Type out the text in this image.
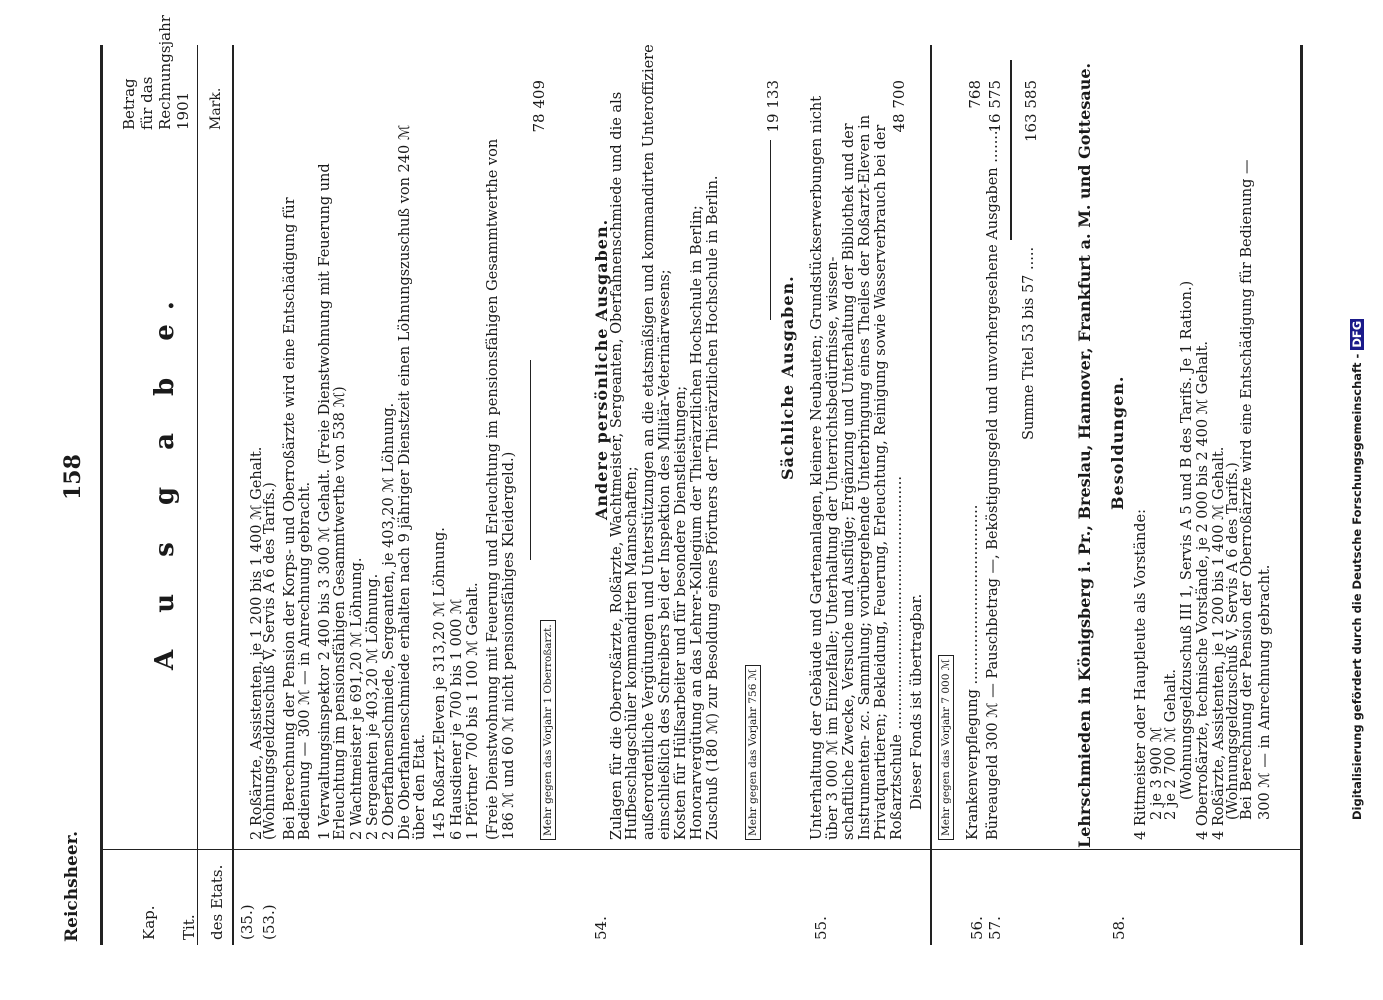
Reichsheer.
158 A u s g a b e.
Kap. Tit. des Etats.
Betrag für das Rechnungsjahr 1901 Mark.
(35.) (53.)
2 Roßärzte, Assistenten, je 1 200 bis 1 400 ℳ Gehalt.
(Wohnungsgeldzuschuß V, Servis A 6 des Tarifs.) Bei Berechnung der Pension der Korps- und Oberroßärzte wird eine Entschädigung für Bedienung — 300 ℳ — in Anrechnung gebracht. 1 Verwaltungsinspektor 2 400 bis 3 300 ℳ Gehalt. (Freie Dienstwohnung mit Feuerung und Erleuchtung im pensionsfähigen Gesammtwerthe von 538 ℳ) 2 Wachtmeister je 691,20 ℳ Löhnung. 2 Sergeanten je 403,20 ℳ Löhnung. 2 Oberfahnenschmiede, Sergeanten, je 403,20 ℳ Löhnung. Die Oberfahnenschmiede erhalten nach 9 jähriger Dienstzeit einen Löhnungszuschuß von 240 ℳ über den Etat. 145 Roßarzt-Eleven je 313,20 ℳ Löhnung. 6 Hausdiener je 700 bis 1 000 ℳ 1 Pförtner 700 bis 1 100 ℳ Gehalt. (Freie Dienstwohnung mit Feuerung und Erleuchtung im pensionsfähigen Gesammtwerthe von 186 ℳ und 60 ℳ nicht pensionsfähiges Kleidergeld.) Mehr gegen das Vorjahr 1 Oberroßarzt.
78 409
54.
Andere persönliche Ausgaben.
Zulagen für die Oberroßärzte, Roßärzte, Wachtmeister, Sergeanten, Oberfahnenschmiede und die als Hufbeschlagschüler kommandirten Mannschaften; außerordentliche Vergütungen und Unterstützungen an die etatsmäßigen und kommandirten Unteroffiziere einschließlich des Schreibers bei der Inspektion des Militär-Veterinärwesens; Kosten für Hülfsarbeiter und für besondere Dienstleistungen; Honorarvergütung an das Lehrer-Kollegium der Thierärztlichen Hochschule in Berlin; Zuschuß (180 ℳ) zur Besoldung eines Pförtners der Thierärztlichen Hochschule in Berlin. Mehr gegen das Vorjahr 756 ℳ
19 133
55.
Sächliche Ausgaben. Unterhaltung der Gebäude und Gartenanlagen, kleinere Neubauten; Grundstückserwerbungen nicht über 3 000 ℳ im Einzelfalle; Unterhaltung der Unterrichtsbedürfnisse, wissen- schaftliche Zwecke, Versuche und Ausflüge; Ergänzung und Unterhaltung der Bibliothek und der Instrumenten- zc. Sammlung; vorübergehende Unterbringung eines Theiles der Roßarzt-Eleven in Privatquartieren; Bekleidung, Feuerung, Erleuchtung, Reinigung sowie Wasserverbrauch bei der Roßarztschule ....................................................... Dieser Fonds ist übertragbar.
48 700
Mehr gegen das Vorjahr 7 000 ℳ
56.
Krankenverpflegung .......................................
768
57.
Büreaugeld 300 ℳ — Pauschbetrag —, Beköstigungsgeld und unvorhergesehene Ausgaben ........
16 575
Summe Titel 53 bis 57 .....
163 585
58.
Lehrschmieden in Königsberg i. Pr., Breslau, Hannover, Frankfurt a. M. und Gottesaue. Besoldungen.
4 Rittmeister oder Hauptleute als Vorstände: 2 je 3 900 ℳ
2 je 2 700 ℳ Gehalt. (Wohnungsgeldzuschuß III 1, Servis A 5 und B des Tarifs. Je 1 Ration.) 4 Oberroßärzte, technische Vorstände, je 2 000 bis 2 400 ℳ Gehalt. 4 Roßärzte, Assistenten, je 1 200 bis 1 400 ℳ Gehalt.
(Wohnungsgeldzuschuß V, Servis A 6 des Tarifs.)
Bei Berechnung der Pension der Oberroßärzte wird eine Entschädigung für Bedienung — 300 ℳ — in Anrechnung gebracht.	Digitalisierung gefördert durch die Deutsche Forschungsgemeinschaft - DFG
